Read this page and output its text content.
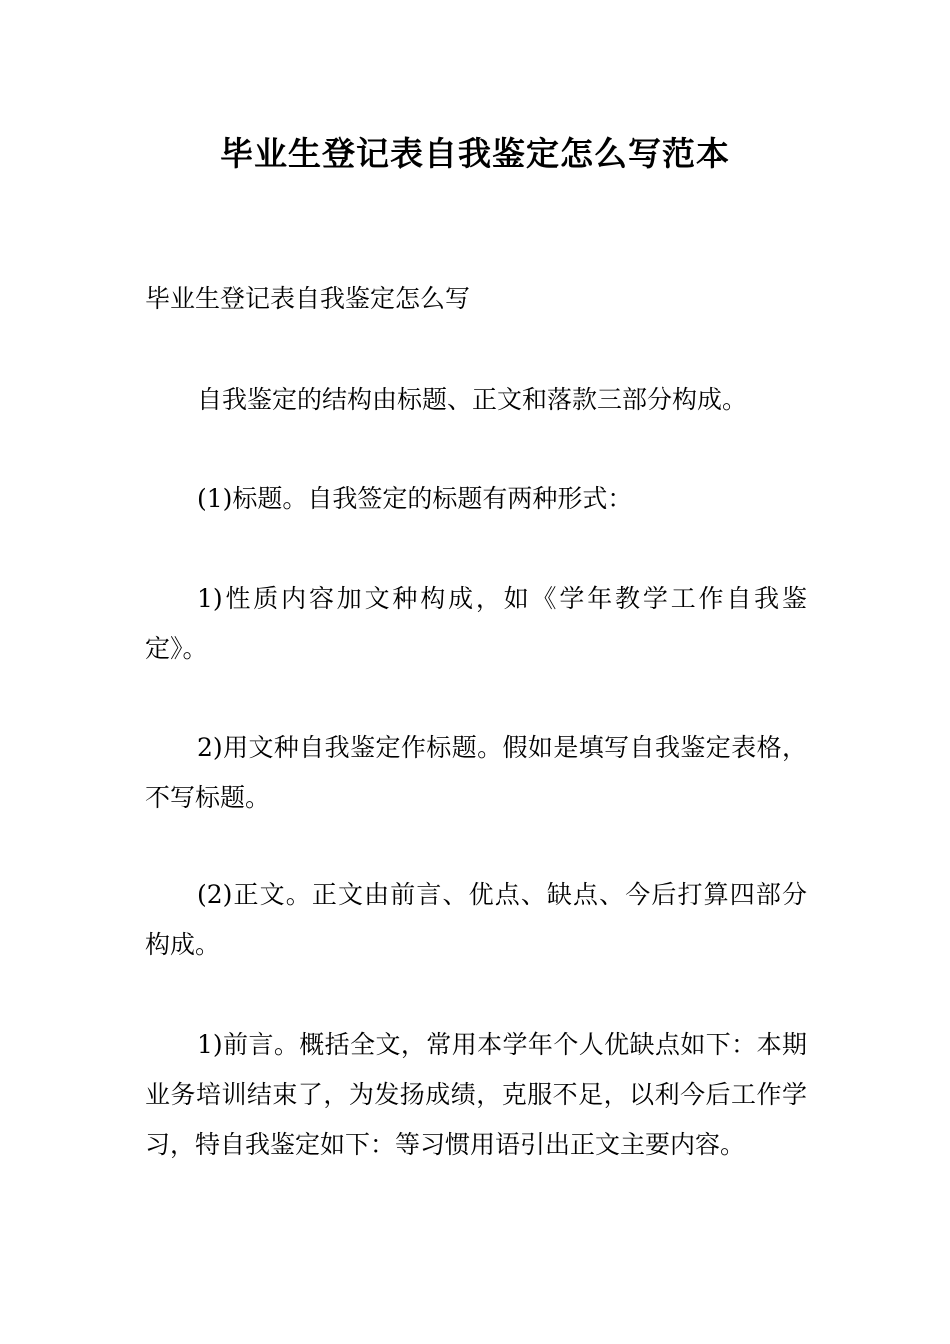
毕业生登记表自我鉴定怎么写范本

毕业生登记表自我鉴定怎么写

自我鉴定的结构由标题、正文和落款三部分构成。

(1)标题。自我签定的标题有两种形式：

1)性质内容加文种构成，如《学年教学工作自我鉴定》。

2)用文种自我鉴定作标题。假如是填写自我鉴定表格，不写标题。

(2)正文。正文由前言、优点、缺点、今后打算四部分构成。

1)前言。概括全文，常用本学年个人优缺点如下：本期业务培训结束了，为发扬成绩，克服不足，以利今后工作学习，特自我鉴定如下：等习惯用语引出正文主要内容。
